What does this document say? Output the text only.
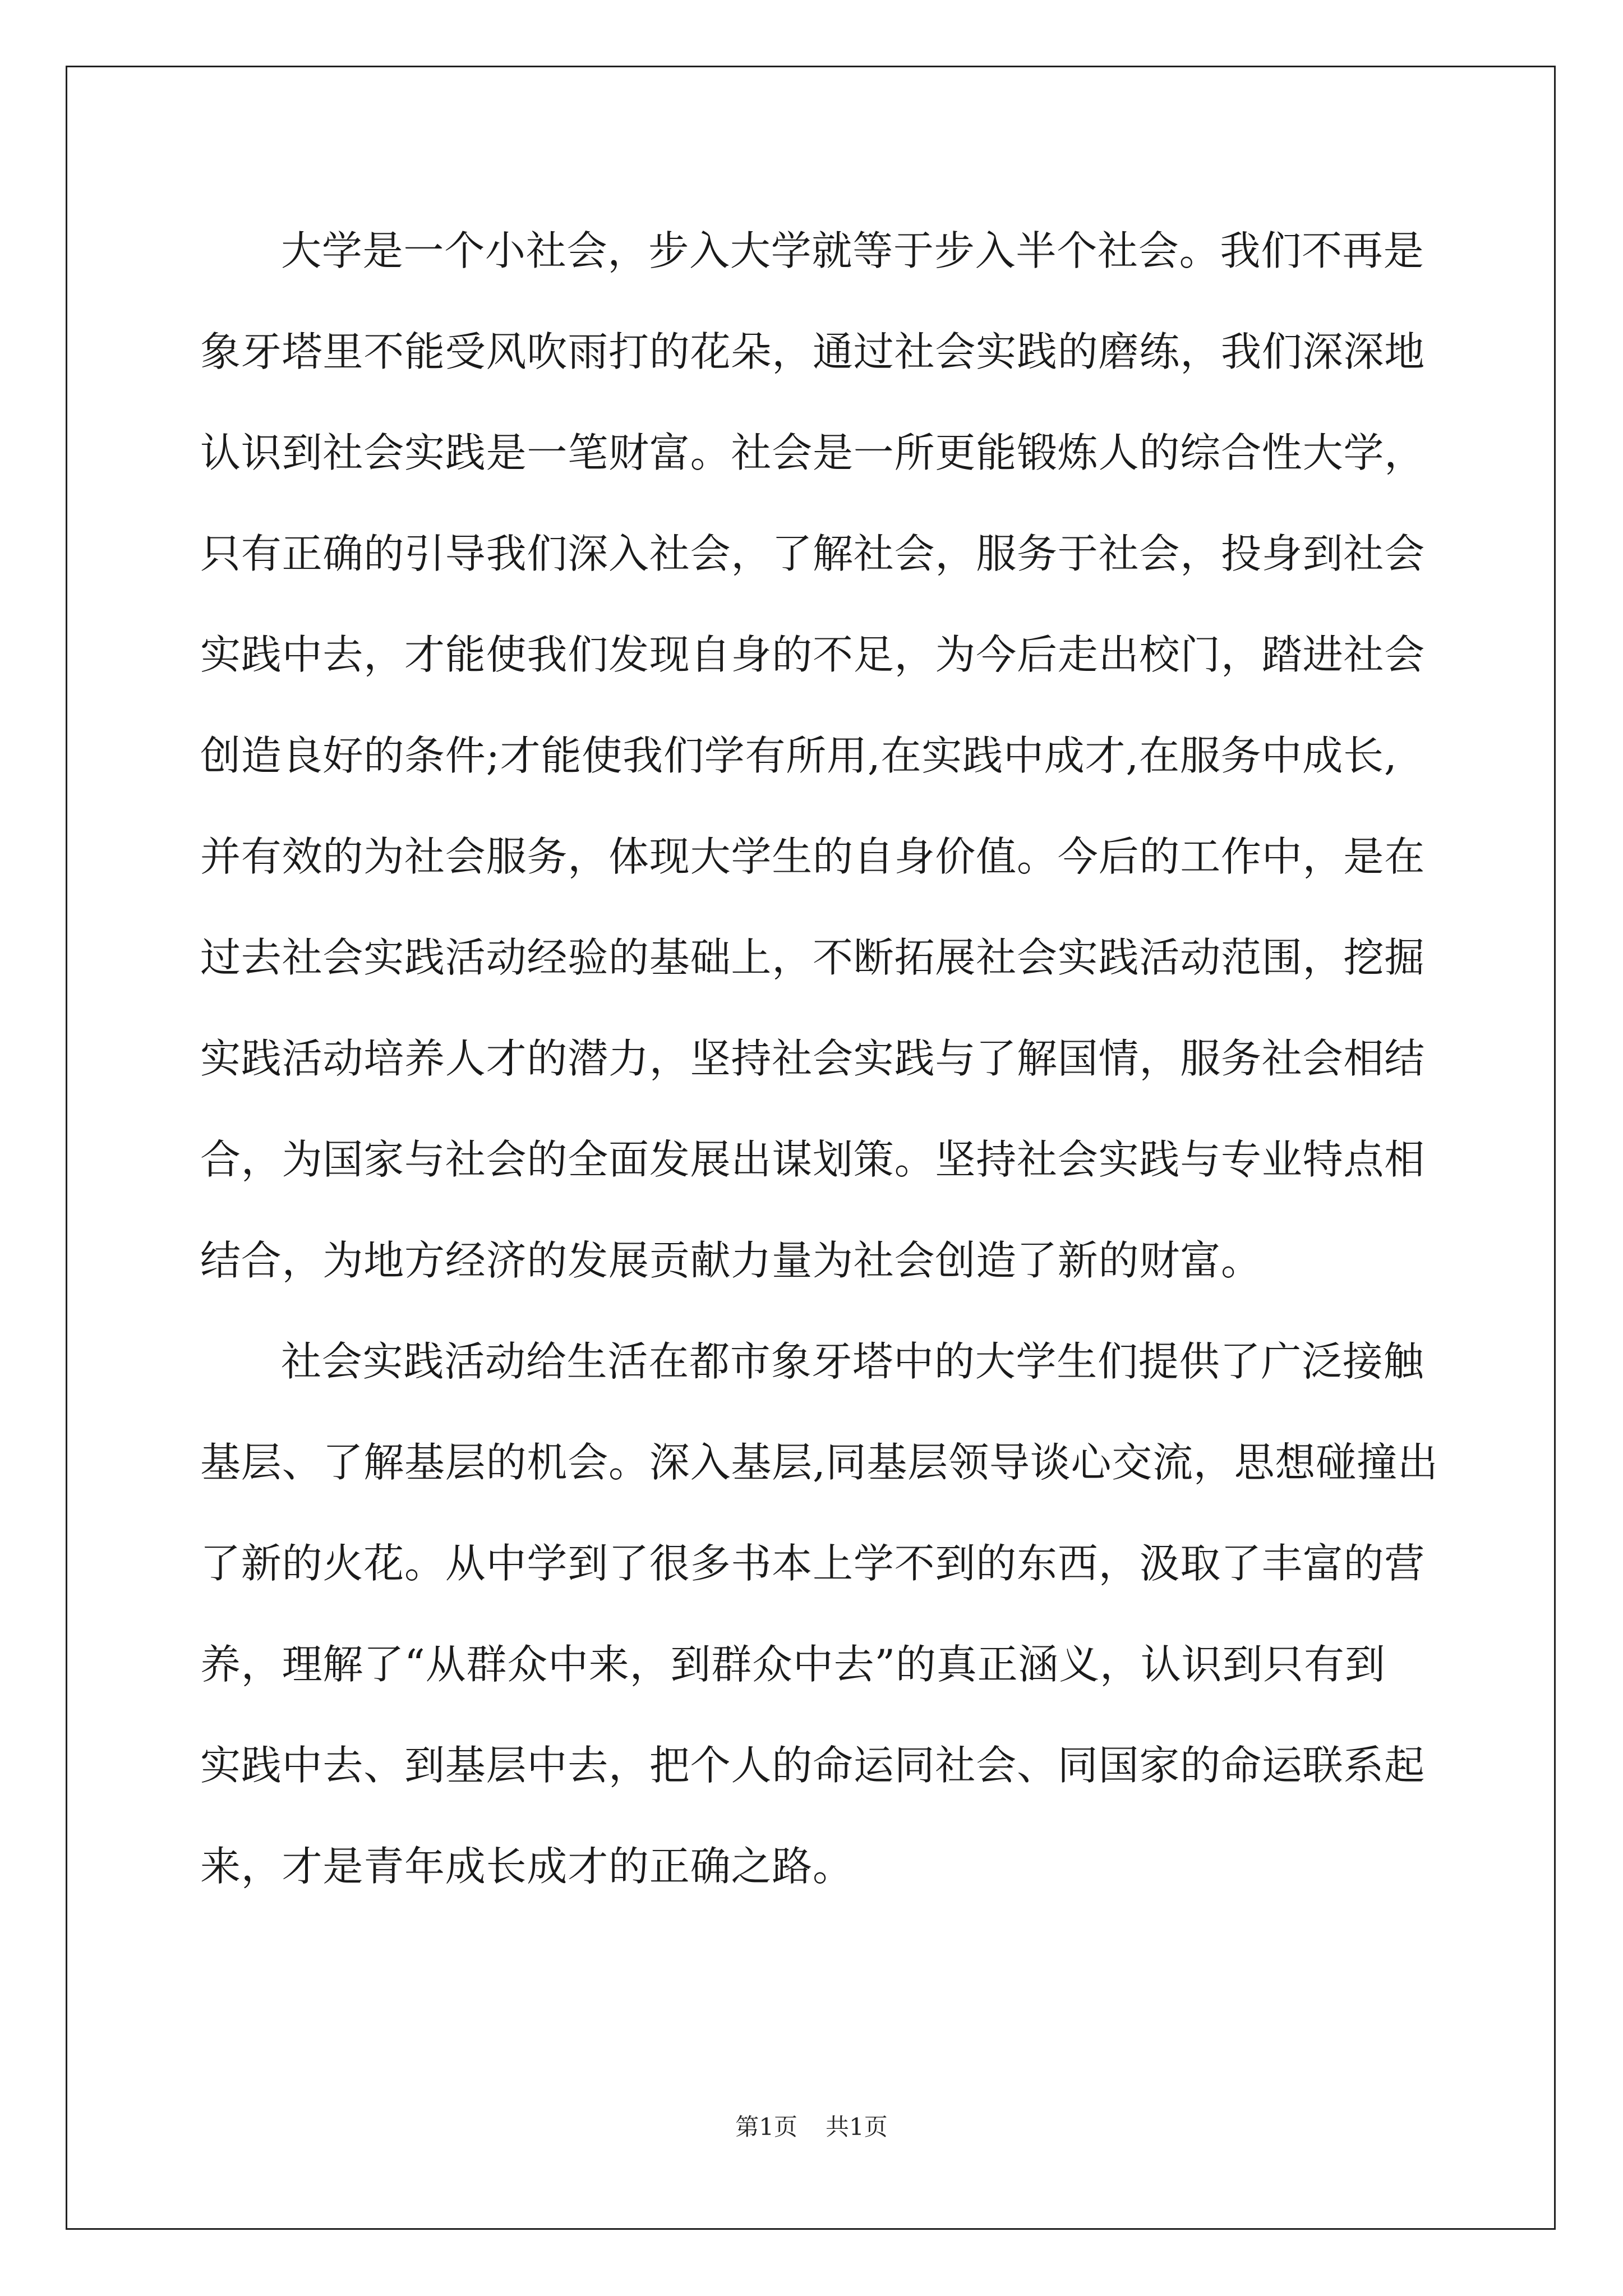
大学是一个小社会，步入大学就等于步入半个社会。我们不再是
象牙塔里不能受风吹雨打的花朵，通过社会实践的磨练，我们深深地
认识到社会实践是一笔财富。社会是一所更能锻炼人的综合性大学，
只有正确的引导我们深入社会，了解社会，服务于社会，投身到社会
实践中去，才能使我们发现自身的不足，为今后走出校门，踏进社会
创造良好的条件;才能使我们学有所用,在实践中成才,在服务中成长,
并有效的为社会服务，体现大学生的自身价值。今后的工作中，是在
过去社会实践活动经验的基础上，不断拓展社会实践活动范围，挖掘
实践活动培养人才的潜力，坚持社会实践与了解国情，服务社会相结
合，为国家与社会的全面发展出谋划策。坚持社会实践与专业特点相
结合，为地方经济的发展贡献力量为社会创造了新的财富。
社会实践活动给生活在都市象牙塔中的大学生们提供了广泛接触
基层、了解基层的机会。深入基层,同基层领导谈心交流，思想碰撞出
了新的火花。从中学到了很多书本上学不到的东西，汲取了丰富的营
养，理解了“从群众中来，到群众中去”的真正涵义，认识到只有到
实践中去、到基层中去，把个人的命运同社会、同国家的命运联系起
来，才是青年成长成才的正确之路。
第1页 共1页
